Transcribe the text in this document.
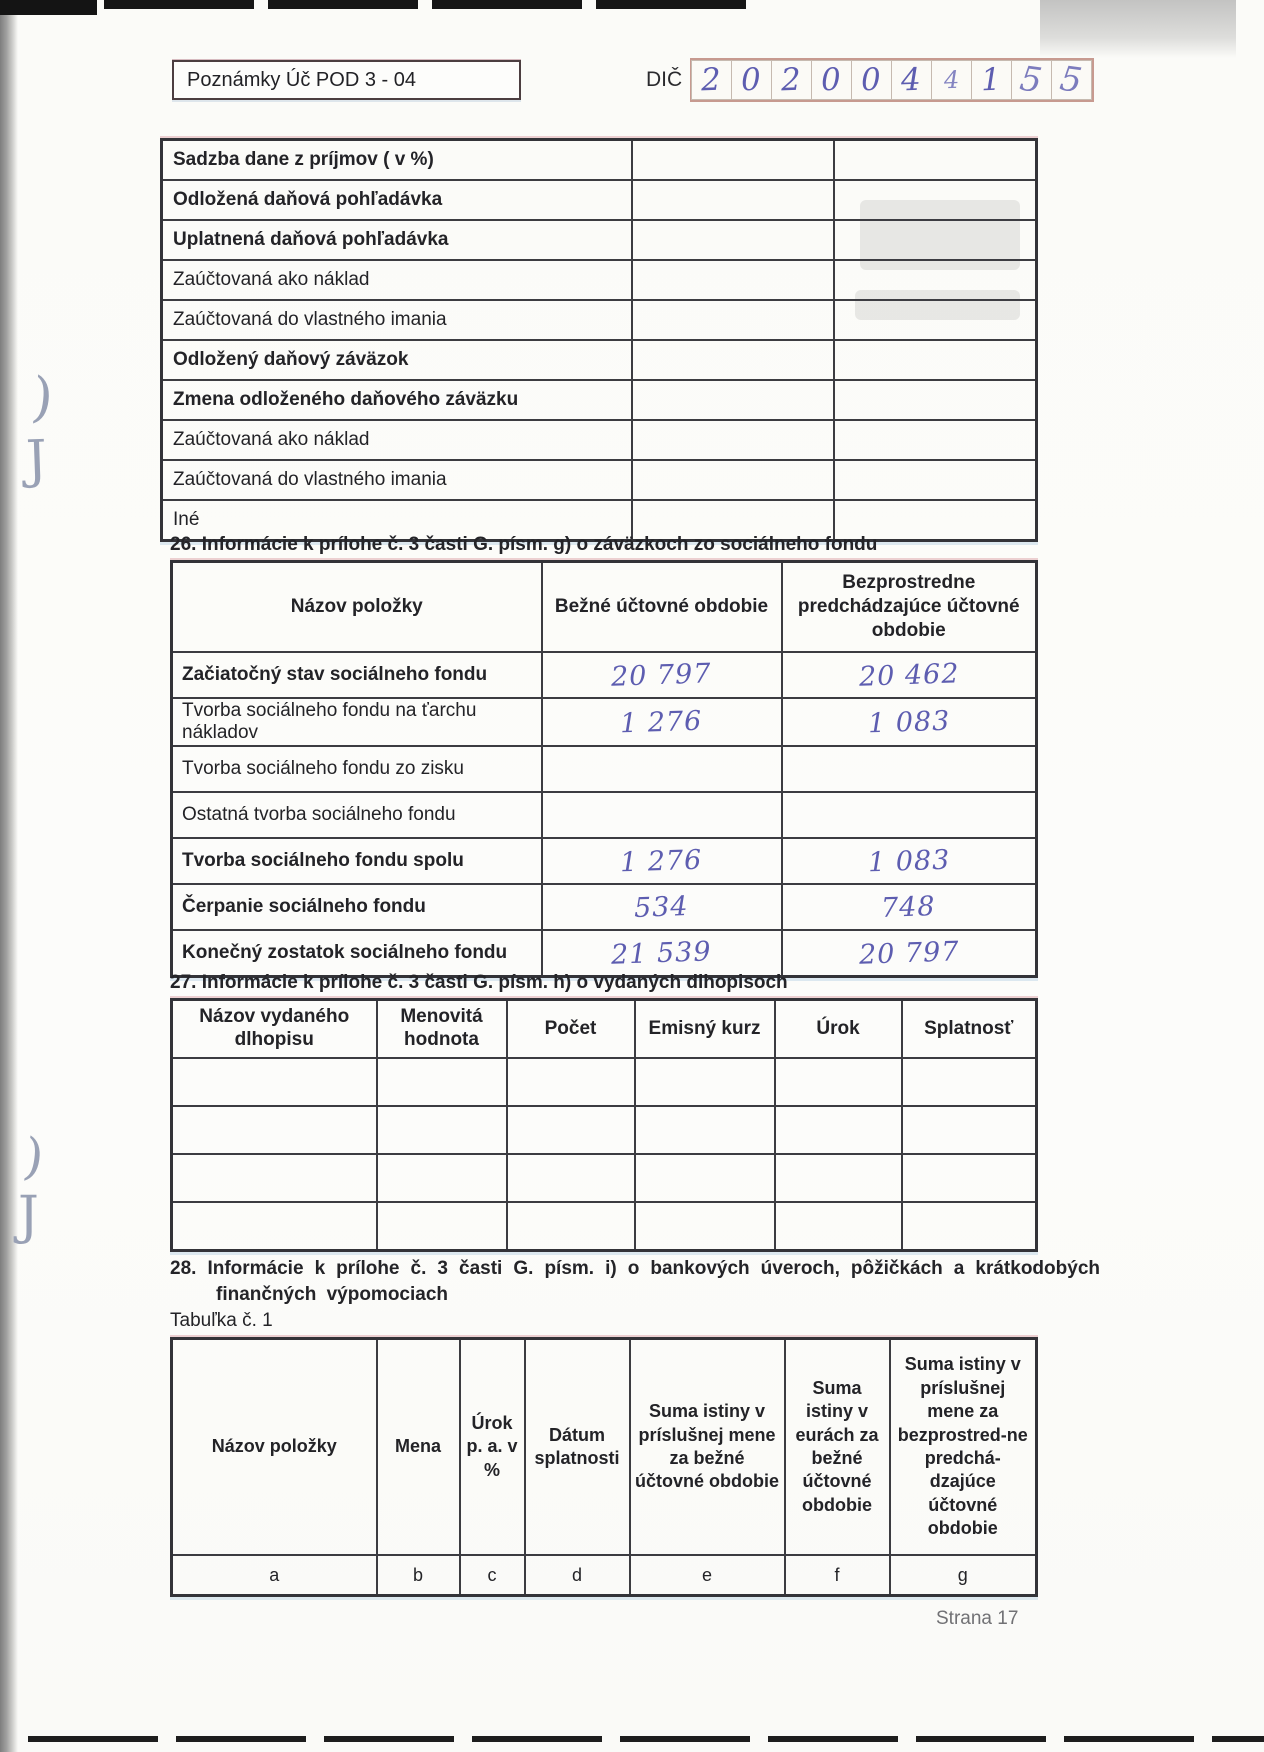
)
J
)
J
Poznámky Úč POD 3 - 04	DIČ 2 0 2 0 0 4 4 1 5 5
Sadzba dane z príjmov ( v %)		
Odložená daňová pohľadávka		
Uplatnená daňová pohľadávka		
Zaúčtovaná ako náklad		
Zaúčtovaná do vlastného imania		
Odložený daňový záväzok		
Zmena odloženého daňového záväzku		
Zaúčtovaná ako náklad		
Zaúčtovaná do vlastného imania		
Iné		
26. Informácie k prílohe č. 3 časti G. písm. g) o záväzkoch zo sociálneho fondu
Názov položky	Bežné účtovné obdobie	Bezprostredne predchádzajúce účtovné obdobie
Začiatočný stav sociálneho fondu	20 797	20 462
Tvorba sociálneho fondu na ťarchu nákladov	1 276	1 083
Tvorba sociálneho fondu zo zisku		
Ostatná tvorba sociálneho fondu		
Tvorba sociálneho fondu spolu	1 276	1 083
Čerpanie sociálneho fondu	534	748
Konečný zostatok sociálneho fondu	21 539	20 797
27. Informácie k prílohe č. 3 časti G. písm. h) o vydaných dlhopisoch
Názov vydaného dlhopisu	Menovitá hodnota	Počet	Emisný kurz	Úrok	Splatnosť

28. Informácie k prílohe č. 3 časti G. písm. i) o bankových úveroch, pôžičkách a krátkodobých finančných výpomociach
Tabuľka č. 1
Názov položky	Mena	Úrok p. a. v %	Dátum splatnosti	Suma istiny v príslušnej mene za bežné účtovné obdobie	Suma istiny v eurách za bežné účtovné obdobie	Suma istiny v príslušnej mene za bezprostred-ne predchá-dzajúce účtovné obdobie
a	b	c	d	e	f	g
Strana 17
